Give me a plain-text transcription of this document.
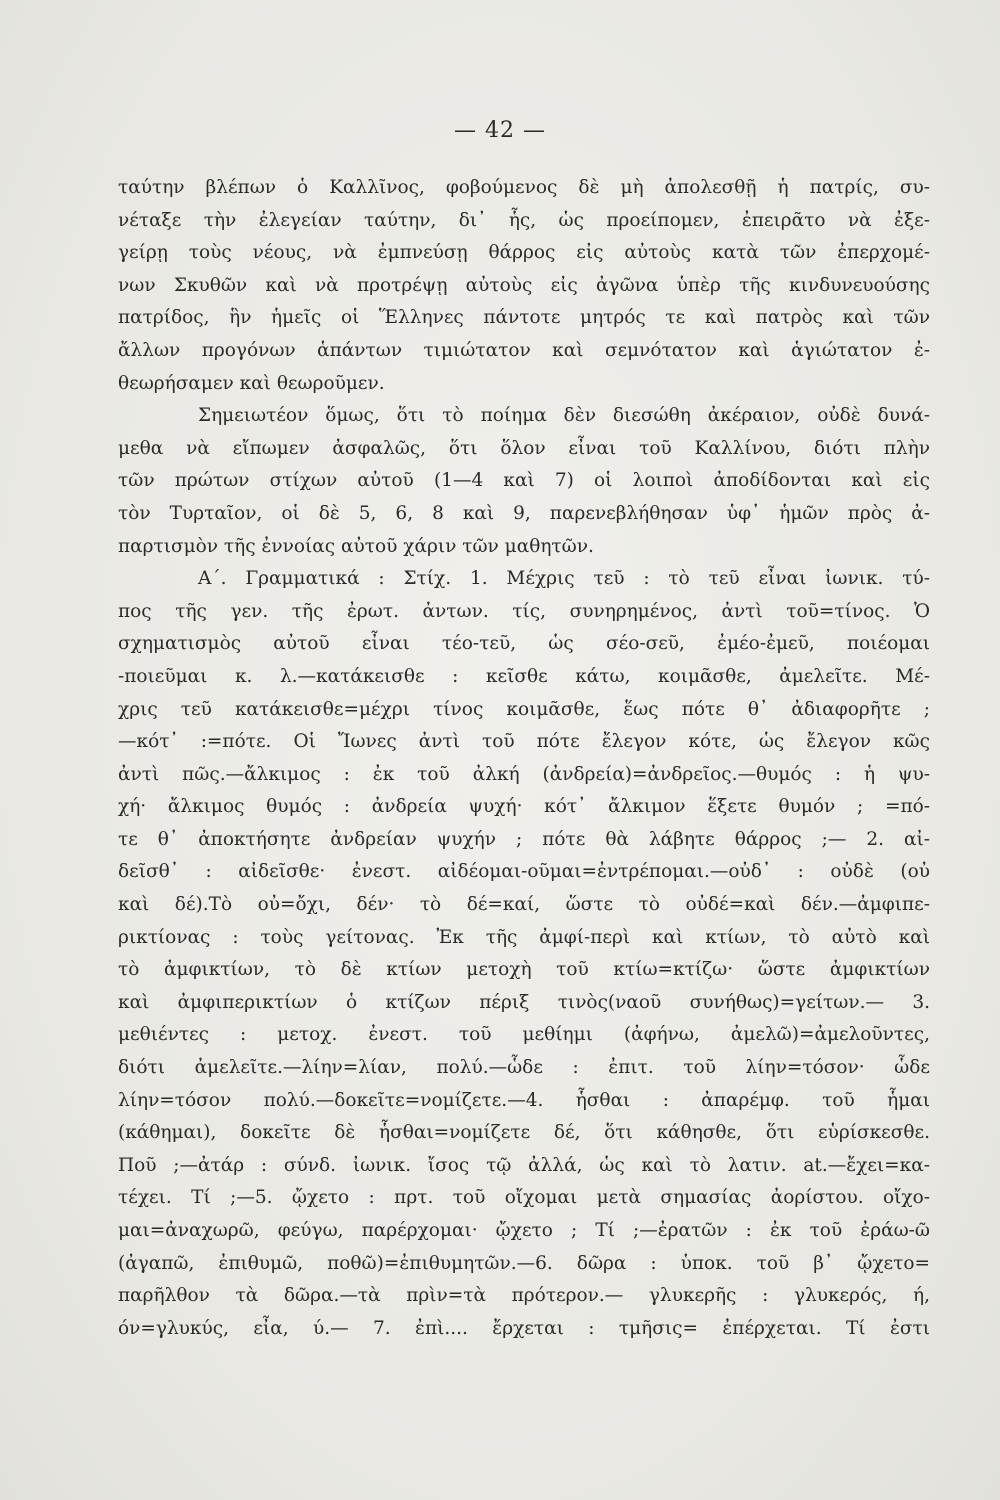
— 42 —
ταύτην βλέπων ὁ Καλλῖνος, φοβούμενος δὲ μὴ ἀπολεσθῇ ἡ πατρίς, συ-
νέταξε τὴν ἐλεγείαν ταύτην, δι᾽ ἧς, ὡς προείπομεν, ἐπειρᾶτο νὰ ἐξε-
γείρῃ τοὺς νέους, νὰ ἐμπνεύσῃ θάρρος εἰς αὐτοὺς κατὰ τῶν ἐπερχομέ-
νων Σκυθῶν καὶ νὰ προτρέψῃ αὐτοὺς εἰς ἀγῶνα ὑπὲρ τῆς κινδυνευούσης
πατρίδος, ἣν ἡμεῖς οἱ Ἕλληνες πάντοτε μητρός τε καὶ πατρὸς καὶ τῶν
ἄλλων προγόνων ἁπάντων τιμιώτατον καὶ σεμνότατον καὶ ἁγιώτατον ἐ-
θεωρήσαμεν καὶ θεωροῦμεν.
Σημειωτέον ὅμως, ὅτι τὸ ποίημα δὲν διεσώθη ἀκέραιον, οὐδὲ δυνά-
μεθα νὰ εἴπωμεν ἀσφαλῶς, ὅτι ὅλον εἶναι τοῦ Καλλίνου, διότι πλὴν
τῶν πρώτων στίχων αὐτοῦ (1—4 καὶ 7) οἱ λοιποὶ ἀποδίδονται καὶ εἰς
τὸν Τυρταῖον, οἱ δὲ 5, 6, 8 καὶ 9, παρενεβλήθησαν ὑφ᾽ ἡμῶν πρὸς ἀ-
παρτισμὸν τῆς ἐννοίας αὐτοῦ χάριν τῶν μαθητῶν.
Α΄. Γραμματικά : Στίχ. 1. Μέχρις τεῦ : τὸ τεῦ εἶναι ἰωνικ. τύ-
πος τῆς γεν. τῆς ἐρωτ. ἀντων. τίς, συνηρημένος, ἀντὶ τοῦ=τίνος. Ὁ
σχηματισμὸς αὐτοῦ εἶναι τέο-τεῦ, ὡς σέο-σεῦ, ἐμέο-ἐμεῦ, ποιέομαι
-ποιεῦμαι κ. λ.—κατάκεισθε : κεῖσθε κάτω, κοιμᾶσθε, ἀμελεῖτε. Μέ-
χρις τεῦ κατάκεισθε=μέχρι τίνος κοιμᾶσθε, ἕως πότε θ᾽ ἀδιαφορῆτε ;
—κότ᾽ :=πότε. Οἱ Ἴωνες ἀντὶ τοῦ πότε ἔλεγον κότε, ὡς ἔλεγον κῶς
ἀντὶ πῶς.—ἄλκιμος : ἐκ τοῦ ἀλκή (ἀνδρεία)=ἀνδρεῖος.—θυμός : ἡ ψυ-
χή· ἄλκιμος θυμός : ἀνδρεία ψυχή· κότ᾽ ἄλκιμον ἕξετε θυμόν ; =πό-
τε θ᾽ ἀποκτήσητε ἀνδρείαν ψυχήν ; πότε θὰ λάβητε θάρρος ;— 2. αἰ-
δεῖσθ᾽ : αἰδεῖσθε· ἐνεστ. αἰδέομαι-οῦμαι=ἐντρέπομαι.—οὐδ᾽ : οὐδὲ (οὐ
καὶ δέ).Τὸ οὐ=ὄχι, δέν· τὸ δέ=καί, ὥστε τὸ οὐδέ=καὶ δέν.—ἀμφιπε-
ρικτίονας : τοὺς γείτονας. Ἐκ τῆς ἀμφί-περὶ καὶ κτίων, τὸ αὐτὸ καὶ
τὸ ἀμφικτίων, τὸ δὲ κτίων μετοχὴ τοῦ κτίω=κτίζω· ὥστε ἀμφικτίων
καὶ ἀμφιπερικτίων ὁ κτίζων πέριξ τινὸς(ναοῦ συνήθως)=γείτων.— 3.
μεθιέντες : μετοχ. ἐνεστ. τοῦ μεθίημι (ἀφήνω, ἀμελῶ)=ἀμελοῦντες,
διότι ἀμελεῖτε.—λίην=λίαν, πολύ.—ὧδε : ἐπιτ. τοῦ λίην=τόσον· ὧδε
λίην=τόσον πολύ.—δοκεῖτε=νομίζετε.—4. ἧσθαι : ἀπαρέμφ. τοῦ ἧμαι
(κάθημαι), δοκεῖτε δὲ ἧσθαι=νομίζετε δέ, ὅτι κάθησθε, ὅτι εὑρίσκεσθε.
Ποῦ ;—ἀτάρ : σύνδ. ἰωνικ. ἴσος τῷ ἀλλά, ὡς καὶ τὸ λατιν. at.—ἔχει=κα-
τέχει. Τί ;—5. ᾤχετο : πρτ. τοῦ οἴχομαι μετὰ σημασίας ἀορίστου. οἴχο-
μαι=ἀναχωρῶ, φεύγω, παρέρχομαι· ᾤχετο ; Τί ;—ἐρατῶν : ἐκ τοῦ ἐράω-ῶ
(ἀγαπῶ, ἐπιθυμῶ, ποθῶ)=ἐπιθυμητῶν.—6. δῶρα : ὑποκ. τοῦ β᾽ ᾤχετο=
παρῆλθον τὰ δῶρα.—τὰ πρὶν=τὰ πρότερον.— γλυκερῆς : γλυκερός, ή,
όν=γλυκύς, εἶα, ύ.— 7. ἐπὶ.... ἔρχεται : τμῆσις= ἐπέρχεται. Τί ἐστι
